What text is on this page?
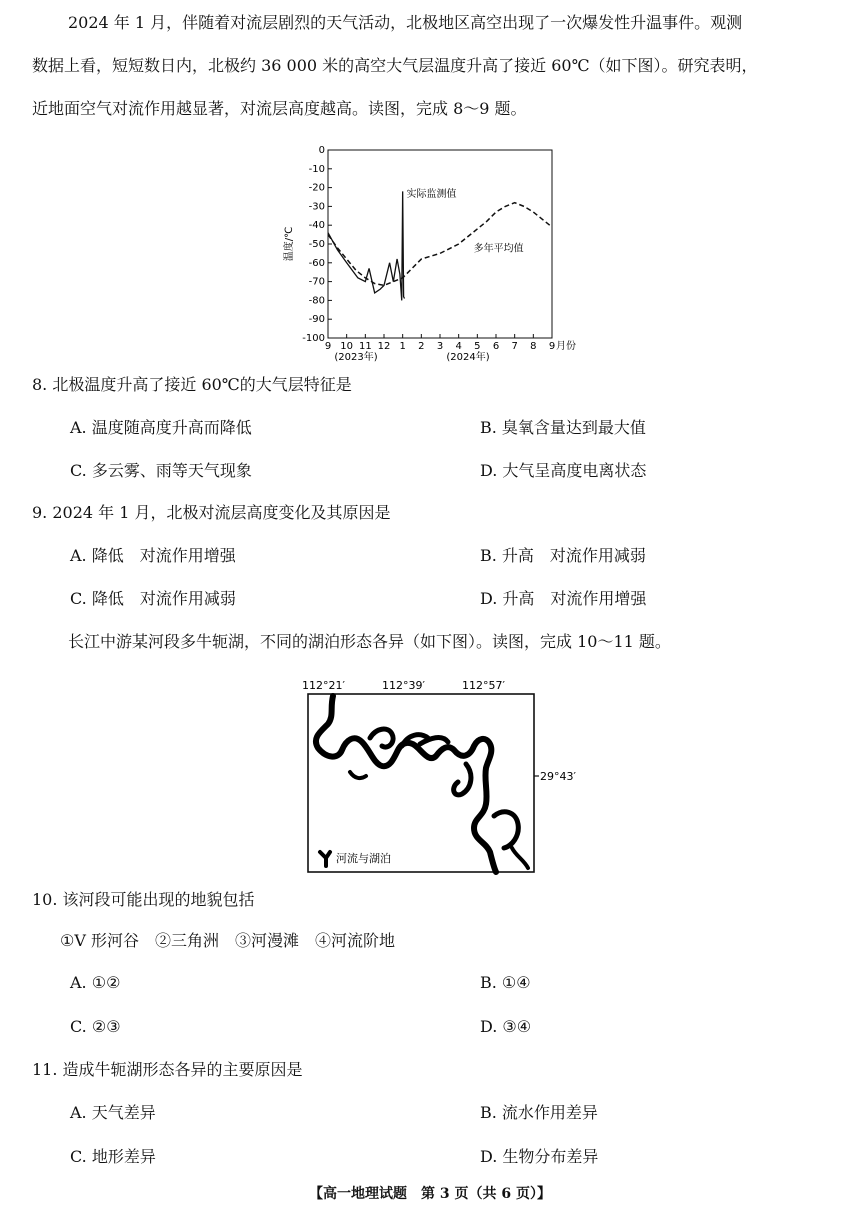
2024 年 1 月，伴随着对流层剧烈的天气活动，北极地区高空出现了一次爆发性升温事件。观测
数据上看，短短数日内，北极约 36 000 米的高空大气层温度升高了接近 60℃（如下图）。研究表明，
近地面空气对流作用越显著，对流层高度越高。读图，完成 8～9 题。
0
-10
-20
-30
-40
-50
-60
-70
-80
-90
-100
9 10 11 12 1 2 3 4 5 6 7 8 9 月份
(2023年)	(2024年)
温度/℃
实际监测值
多年平均值
8. 北极温度升高了接近 60℃的大气层特征是
A. 温度随高度升高而降低	B. 臭氧含量达到最大值
C. 多云雾、雨等天气现象	D. 大气呈高度电离状态
9. 2024 年 1 月，北极对流层高度变化及其原因是
A. 降低　对流作用增强	B. 升高　对流作用减弱
C. 降低　对流作用减弱	D. 升高　对流作用增强
长江中游某河段多牛轭湖，不同的湖泊形态各异（如下图）。读图，完成 10～11 题。
112°21′	112°39′	112°57′
29°43′
河流与湖泊
10. 该河段可能出现的地貌包括
①V 形河谷　②三角洲　③河漫滩　④河流阶地
A. ①②	B. ①④
C. ②③	D. ③④
11. 造成牛轭湖形态各异的主要原因是
A. 天气差异	B. 流水作用差异
C. 地形差异	D. 生物分布差异
【高一地理试题　第 3 页（共 6 页）】
